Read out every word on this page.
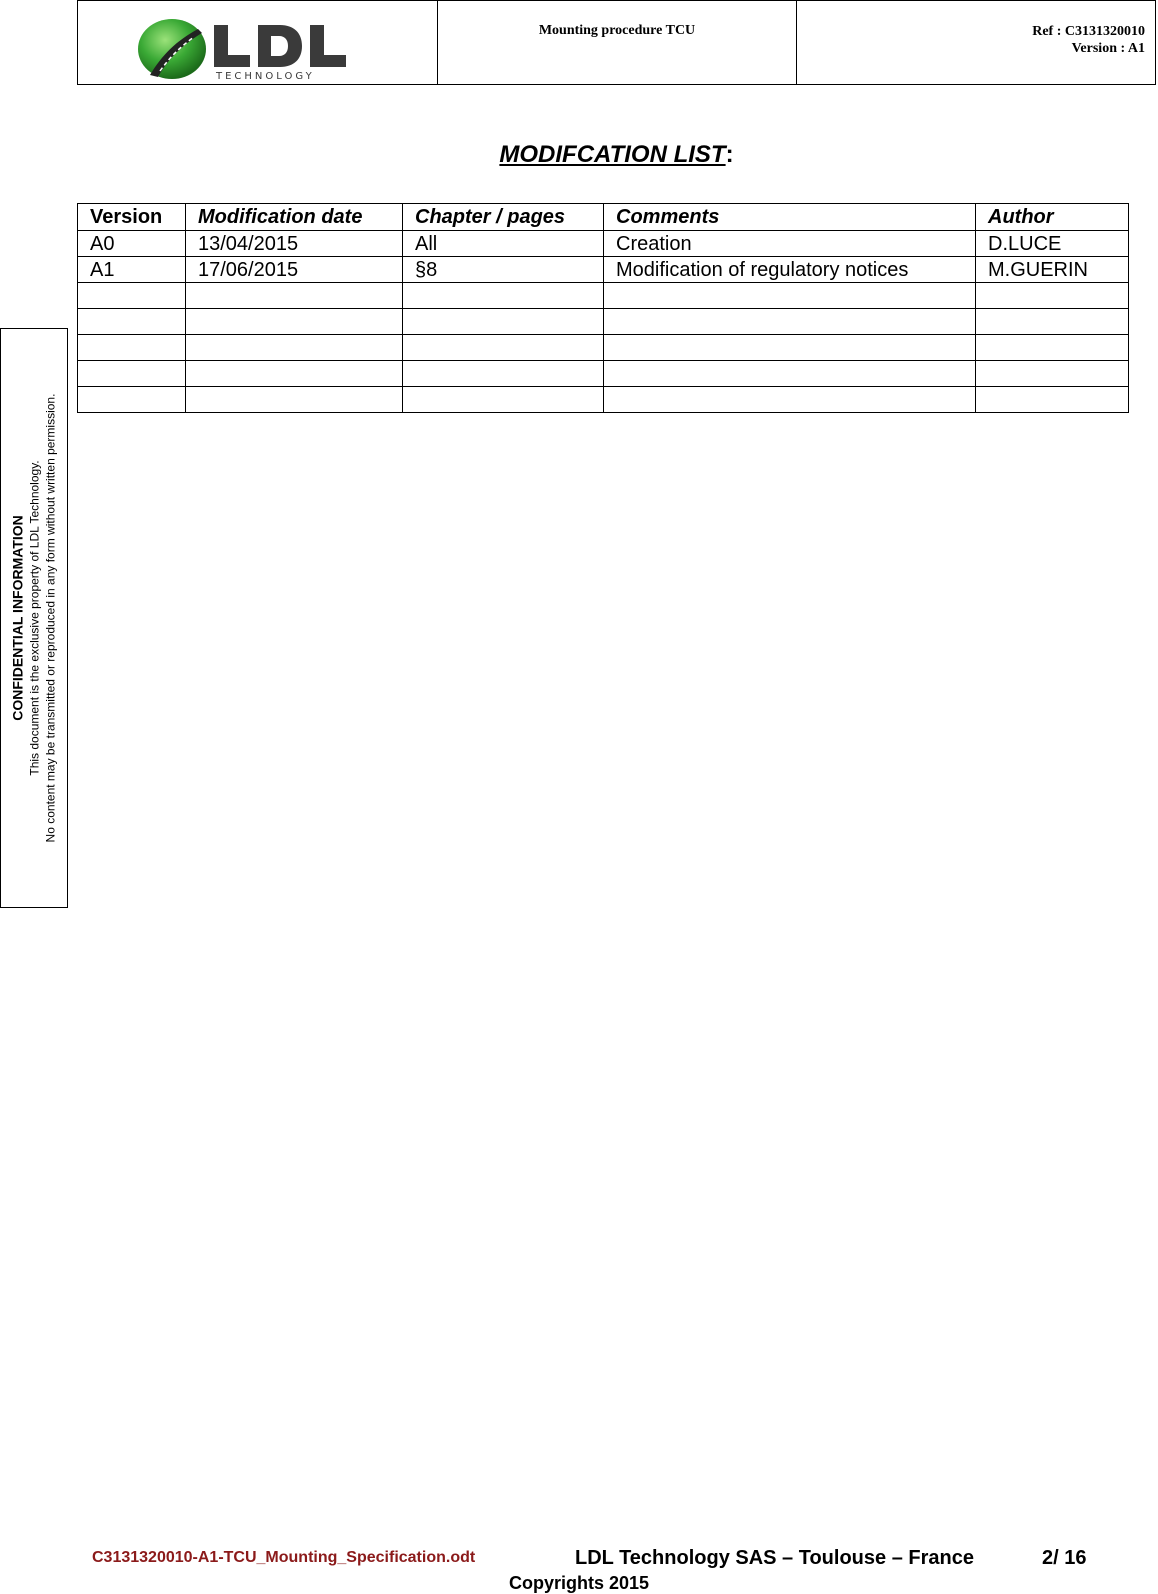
TECHNOLOGY
Mounting procedure TCU	Ref : C3131320010
Version : A1
CONFIDENTIAL INFORMATION This document is the exclusive property of LDL Technology. No content may be transmitted or reproduced in any form without written permission.
MODIFCATION LIST:
Version	Modification date	Chapter / pages	Comments	Author
A0	13/04/2015	All	Creation	D.LUCE
A1	17/06/2015	§8	Modification of regulatory notices	M.GUERIN

C3131320010-A1-TCU_Mounting_Specification.odt	LDL Technology SAS – Toulouse – France	2/ 16
Copyrights 2015
